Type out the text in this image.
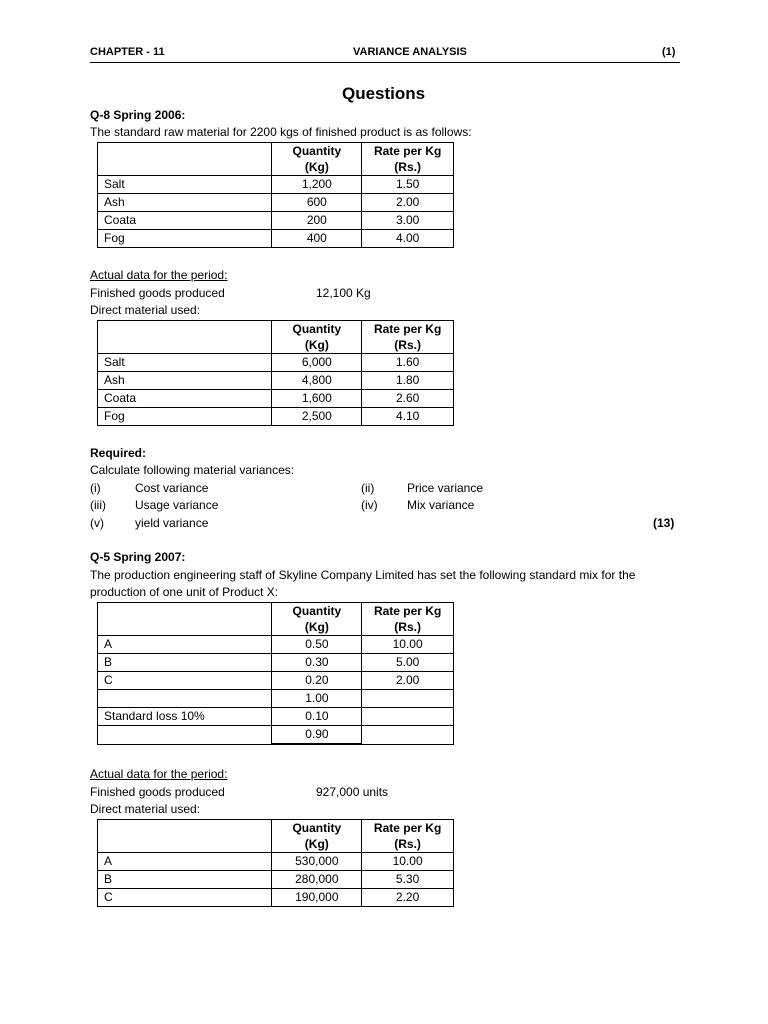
CHAPTER - 11	VARIANCE ANALYSIS	(1)
Questions
Q-8 Spring 2006:
The standard raw material for 2200 kgs of finished product is as follows:
	Quantity	Rate per Kg
	(Kg)	(Rs.)
Salt	1,200	1.50
Ash	600	2.00
Coata	200	3.00
Fog	400	4.00
Actual data for the period:
Finished goods produced	12,100 Kg
Direct material used:
	Quantity	Rate per Kg
	(Kg)	(Rs.)
Salt	6,000	1.60
Ash	4,800	1.80
Coata	1,600	2.60
Fog	2,500	4.10
Required:
Calculate following material variances:
(i)	Cost variance	(ii)	Price variance
(iii) Usage variance	(iv) Mix variance
(v)	yield variance	(13)
Q-5 Spring 2007:
The production engineering staff of Skyline Company Limited has set the following standard mix for the
production of one unit of Product X:
	Quantity	Rate per Kg
	(Kg)	(Rs.)
A	0.50	10.00
B	0.30	5.00
C	0.20	2.00
	1.00	
Standard loss 10%	0.10	
	0.90	
Actual data for the period:
Finished goods produced	927,000 units
Direct material used:
	Quantity	Rate per Kg
	(Kg)	(Rs.)
A	530,000	10.00
B	280,000	5.30
C	190,000	2.20
